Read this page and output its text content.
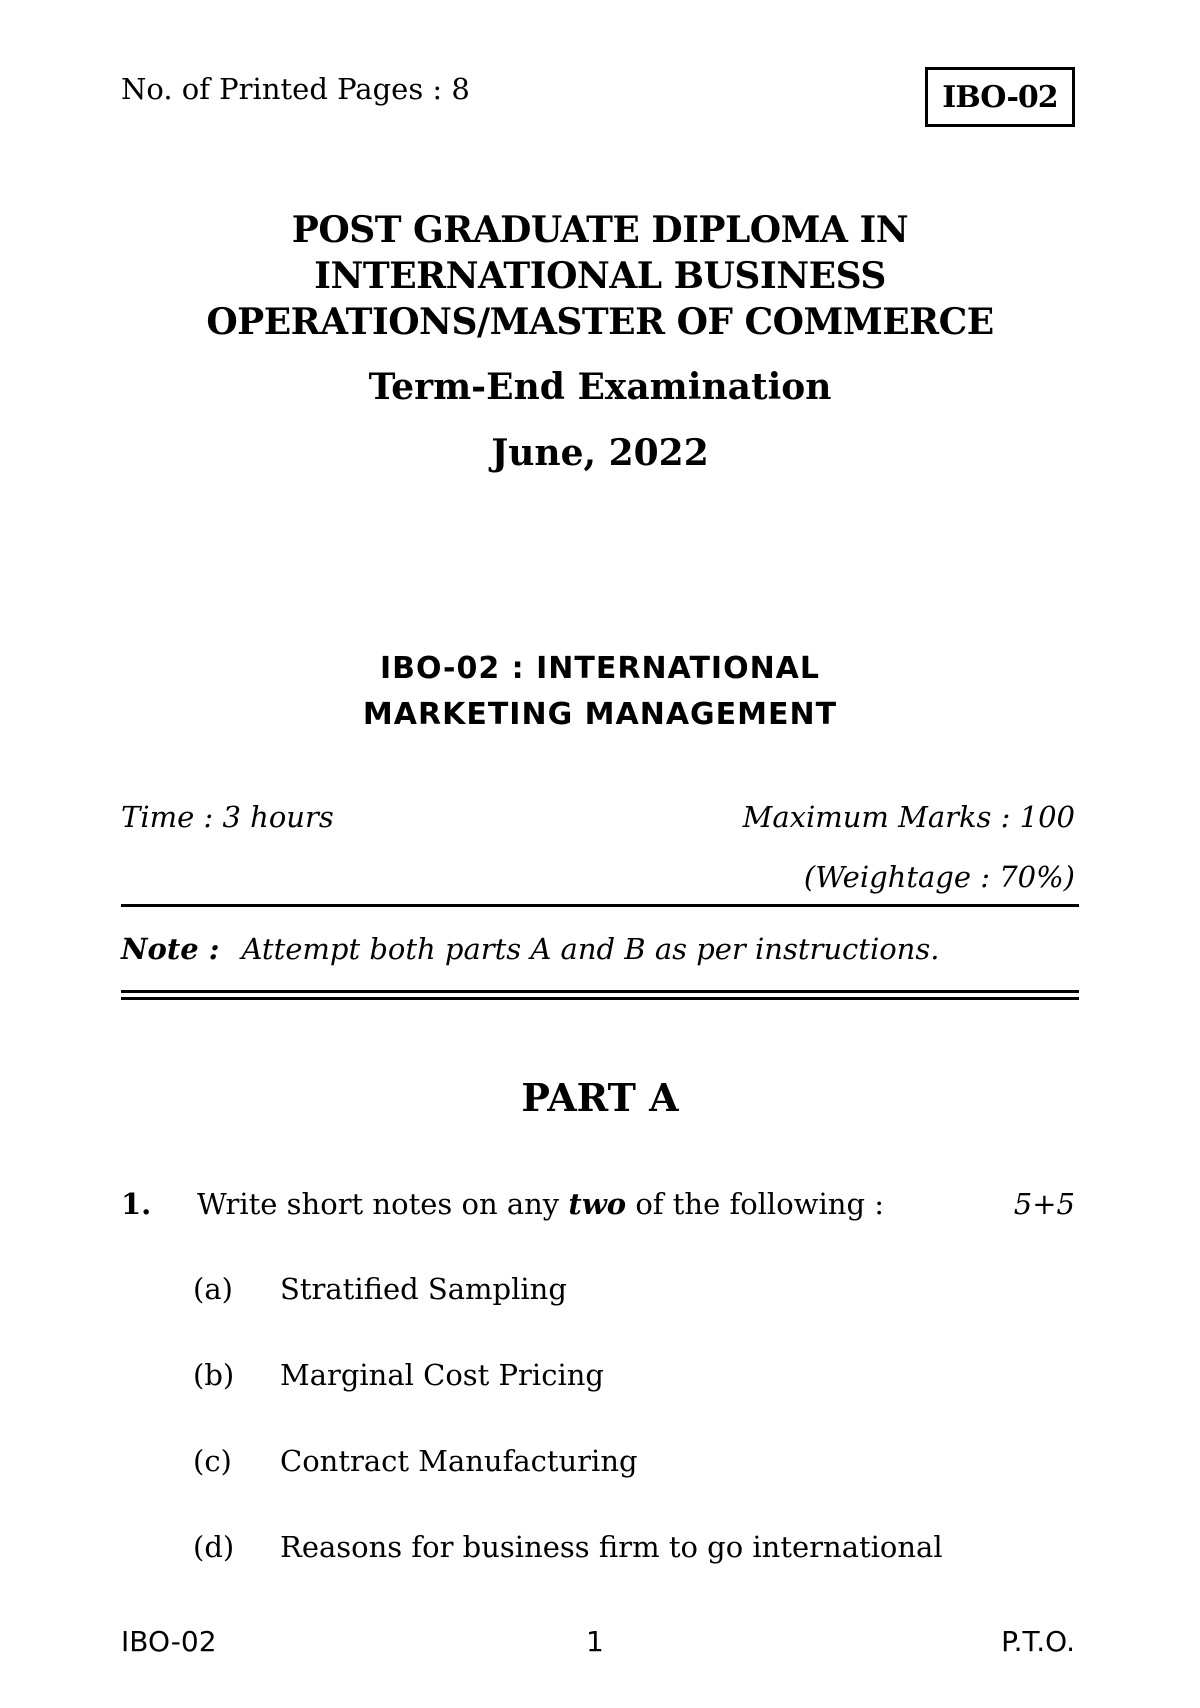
No. of Printed Pages : 8	IBO-02
POST GRADUATE DIPLOMA IN
INTERNATIONAL BUSINESS
OPERATIONS/MASTER OF COMMERCE
Term-End Examination
June, 2022
IBO-02 : INTERNATIONAL
MARKETING MANAGEMENT
Time : 3 hours	Maximum Marks : 100
(Weightage : 70%)
Note : Attempt both parts A and B as per instructions.
PART A
1. Write short notes on any two of the following :	5+5
(a) Stratified Sampling
(b) Marginal Cost Pricing
(c) Contract Manufacturing
(d) Reasons for business firm to go international
IBO-02	1	P.T.O.
